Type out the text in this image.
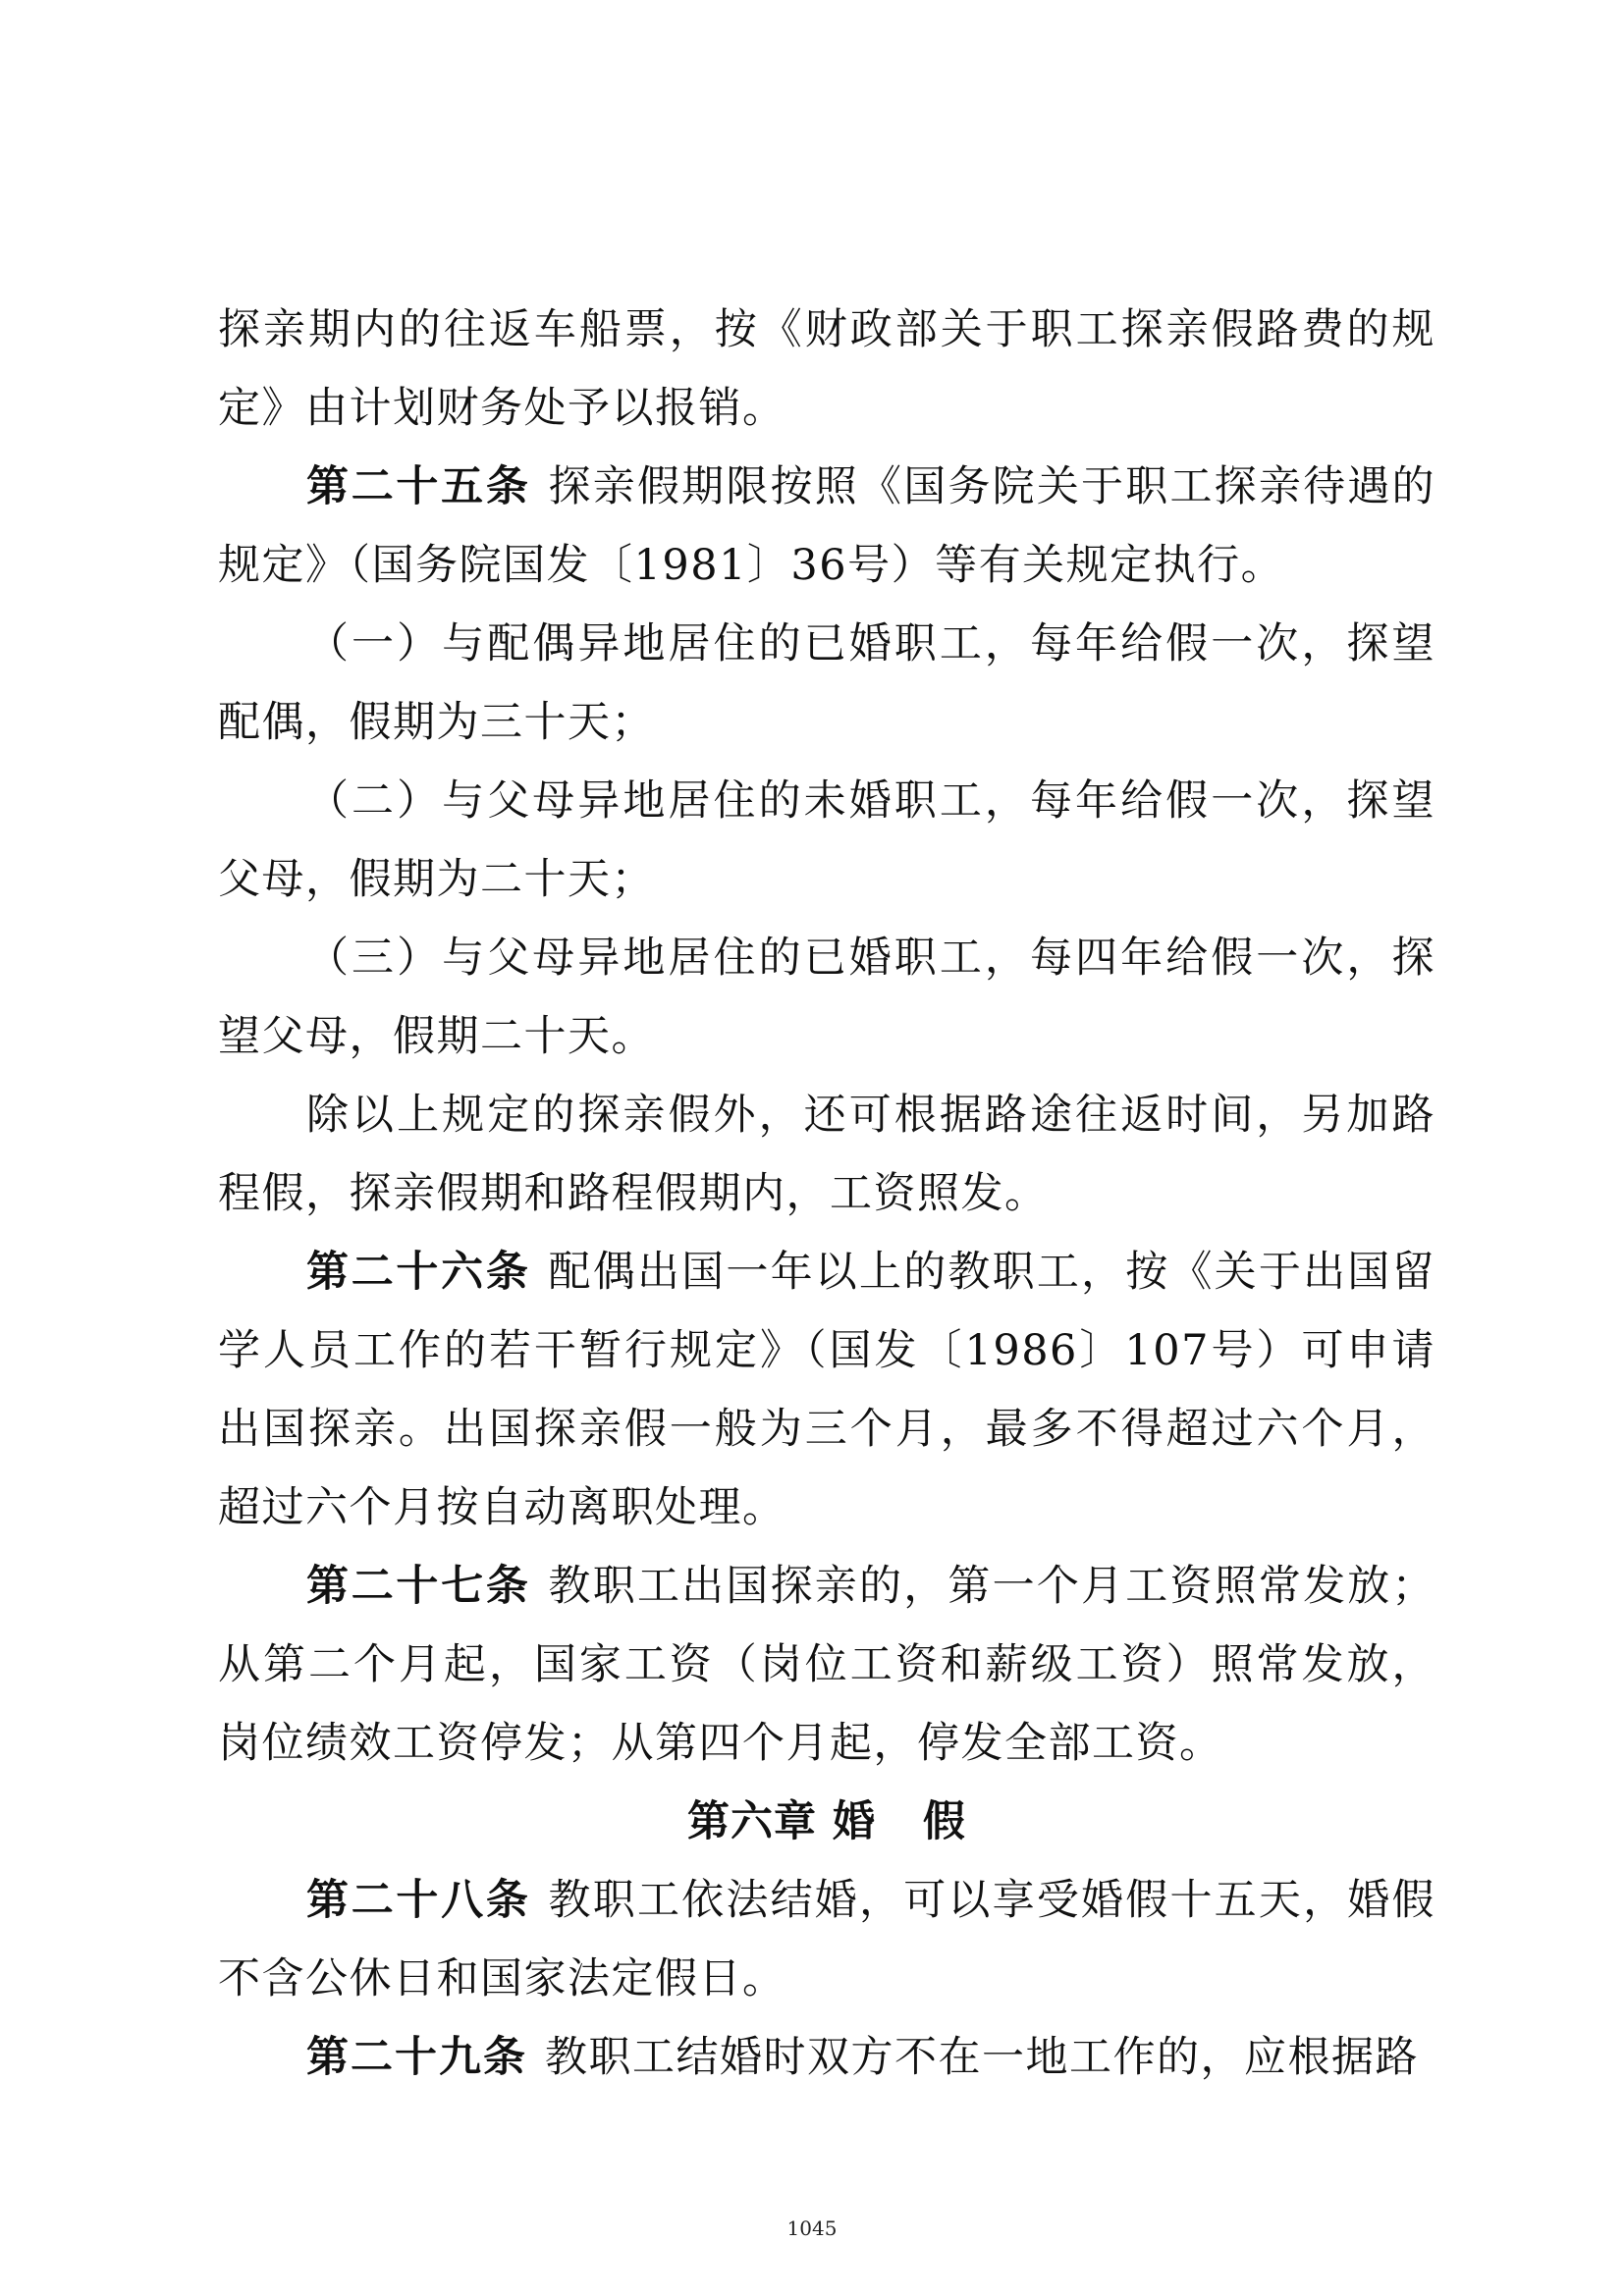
探亲期内的往返车船票，按《财政部关于职工探亲假路费的规定》由计划财务处予以报销。

第二十五条 探亲假期限按照《国务院关于职工探亲待遇的规定》（国务院国发〔1981〕36号）等有关规定执行。

（一）与配偶异地居住的已婚职工，每年给假一次，探望配偶，假期为三十天；

（二）与父母异地居住的未婚职工，每年给假一次，探望父母，假期为二十天；

（三）与父母异地居住的已婚职工，每四年给假一次，探望父母，假期二十天。

除以上规定的探亲假外，还可根据路途往返时间，另加路程假，探亲假期和路程假期内，工资照发。

第二十六条 配偶出国一年以上的教职工，按《关于出国留学人员工作的若干暂行规定》（国发〔1986〕107号）可申请出国探亲。出国探亲假一般为三个月，最多不得超过六个月，超过六个月按自动离职处理。

第二十七条 教职工出国探亲的，第一个月工资照常发放；从第二个月起，国家工资（岗位工资和薪级工资）照常发放，岗位绩效工资停发；从第四个月起，停发全部工资。

第六章 婚   假

第二十八条 教职工依法结婚，可以享受婚假十五天，婚假不含公休日和国家法定假日。

第二十九条 教职工结婚时双方不在一地工作的，应根据路

1045
